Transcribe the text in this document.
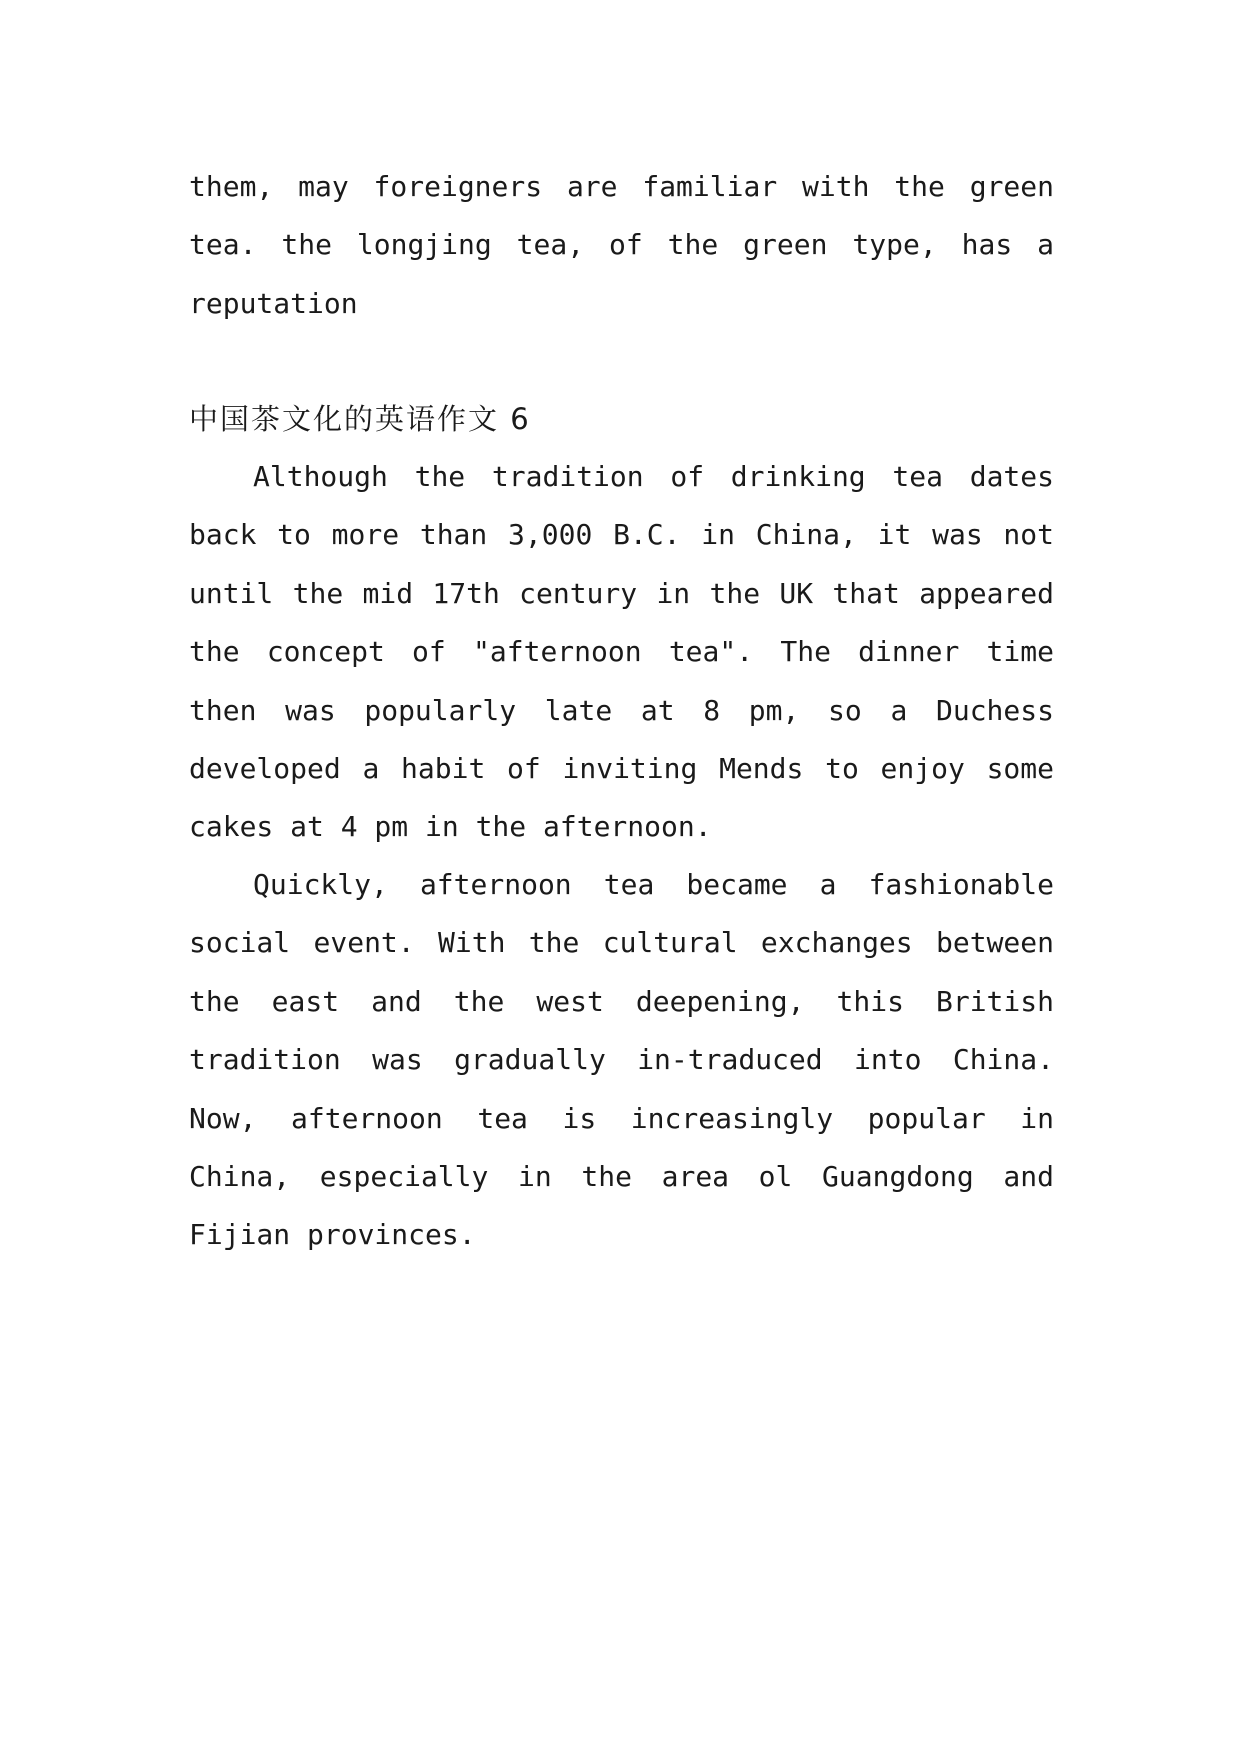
them, may foreigners are familiar with the green tea. the longjing tea, of the green type, has a reputation

中国茶文化的英语作文 6

Although the tradition of drinking tea dates back to more than 3,000 B.C. in China, it was not until the mid 17th century in the UK that appeared the concept of "afternoon tea". The dinner time then was popularly late at 8 pm, so a Duchess developed a habit of inviting Mends to enjoy some cakes at 4 pm in the afternoon.

Quickly, afternoon tea became a fashionable social event. With the cultural exchanges between the east and the west deepening, this British tradition was gradually in-traduced into China. Now, afternoon tea is increasingly popular in China, especially in the area ol Guangdong and Fijian provinces.
